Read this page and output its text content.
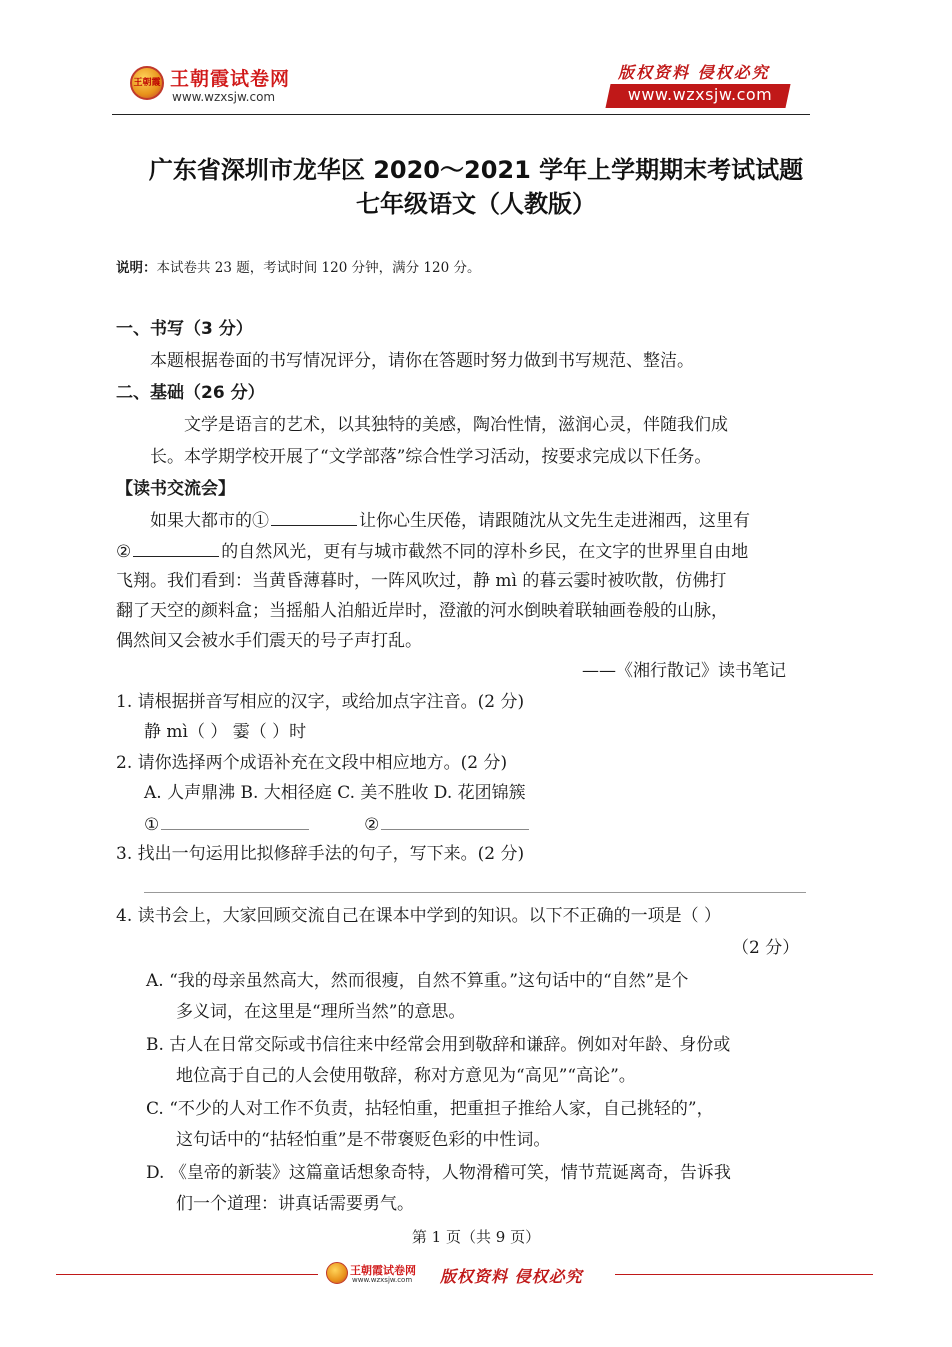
王朝霞 王朝霞试卷网
www.wzxsjw.com
版权资料 侵权必究
www.wzxsjw.com
广东省深圳市龙华区 2020～2021 学年上学期期末考试试题
七年级语文（人教版）
说明：本试卷共 23 题，考试时间 120 分钟，满分 120 分。
一、书写（3 分）
本题根据卷面的书写情况评分，请你在答题时努力做到书写规范、整洁。
二、基础（26 分）
文学是语言的艺术，以其独特的美感，陶冶性情，滋润心灵，伴随我们成
长。本学期学校开展了“文学部落”综合性学习活动，按要求完成以下任务。
【读书交流会】
如果大都市的①	让你心生厌倦，请跟随沈从文先生走进湘西，这里有
②	的自然风光，更有与城市截然不同的淳朴乡民，在文字的世界里自由地
飞翔。我们看到：当黄昏薄暮时，一阵风吹过，静 mì 的暮云霎时被吹散，仿佛打
翻了天空的颜料盒；当摇船人泊船近岸时，澄澈的河水倒映着联轴画卷般的山脉，
偶然间又会被水手们震天的号子声打乱。
——《湘行散记》读书笔记
1. 请根据拼音写相应的汉字，或给加点字注音。(2 分)
静 mì（ ） 霎（ ）时
2. 请你选择两个成语补充在文段中相应地方。(2 分)
A. 人声鼎沸 B. 大相径庭 C. 美不胜收 D. 花团锦簇
①	②
3. 找出一句运用比拟修辞手法的句子，写下来。(2 分)
4. 读书会上，大家回顾交流自己在课本中学到的知识。以下不正确的一项是（ ）
（2 分）
A. “我的母亲虽然高大，然而很瘦，自然不算重。”这句话中的“自然”是个
多义词，在这里是“理所当然”的意思。
B. 古人在日常交际或书信往来中经常会用到敬辞和谦辞。例如对年龄、身份或
地位高于自己的人会使用敬辞，称对方意见为“高见”“高论”。
C. “不少的人对工作不负责，拈轻怕重，把重担子推给人家，自己挑轻的”，
这句话中的“拈轻怕重”是不带褒贬色彩的中性词。
D. 《皇帝的新装》这篇童话想象奇特，人物滑稽可笑，情节荒诞离奇，告诉我
们一个道理：讲真话需要勇气。
第 1 页（共 9 页）
王朝霞试卷网
www.wzxsjw.com 版权资料 侵权必究
